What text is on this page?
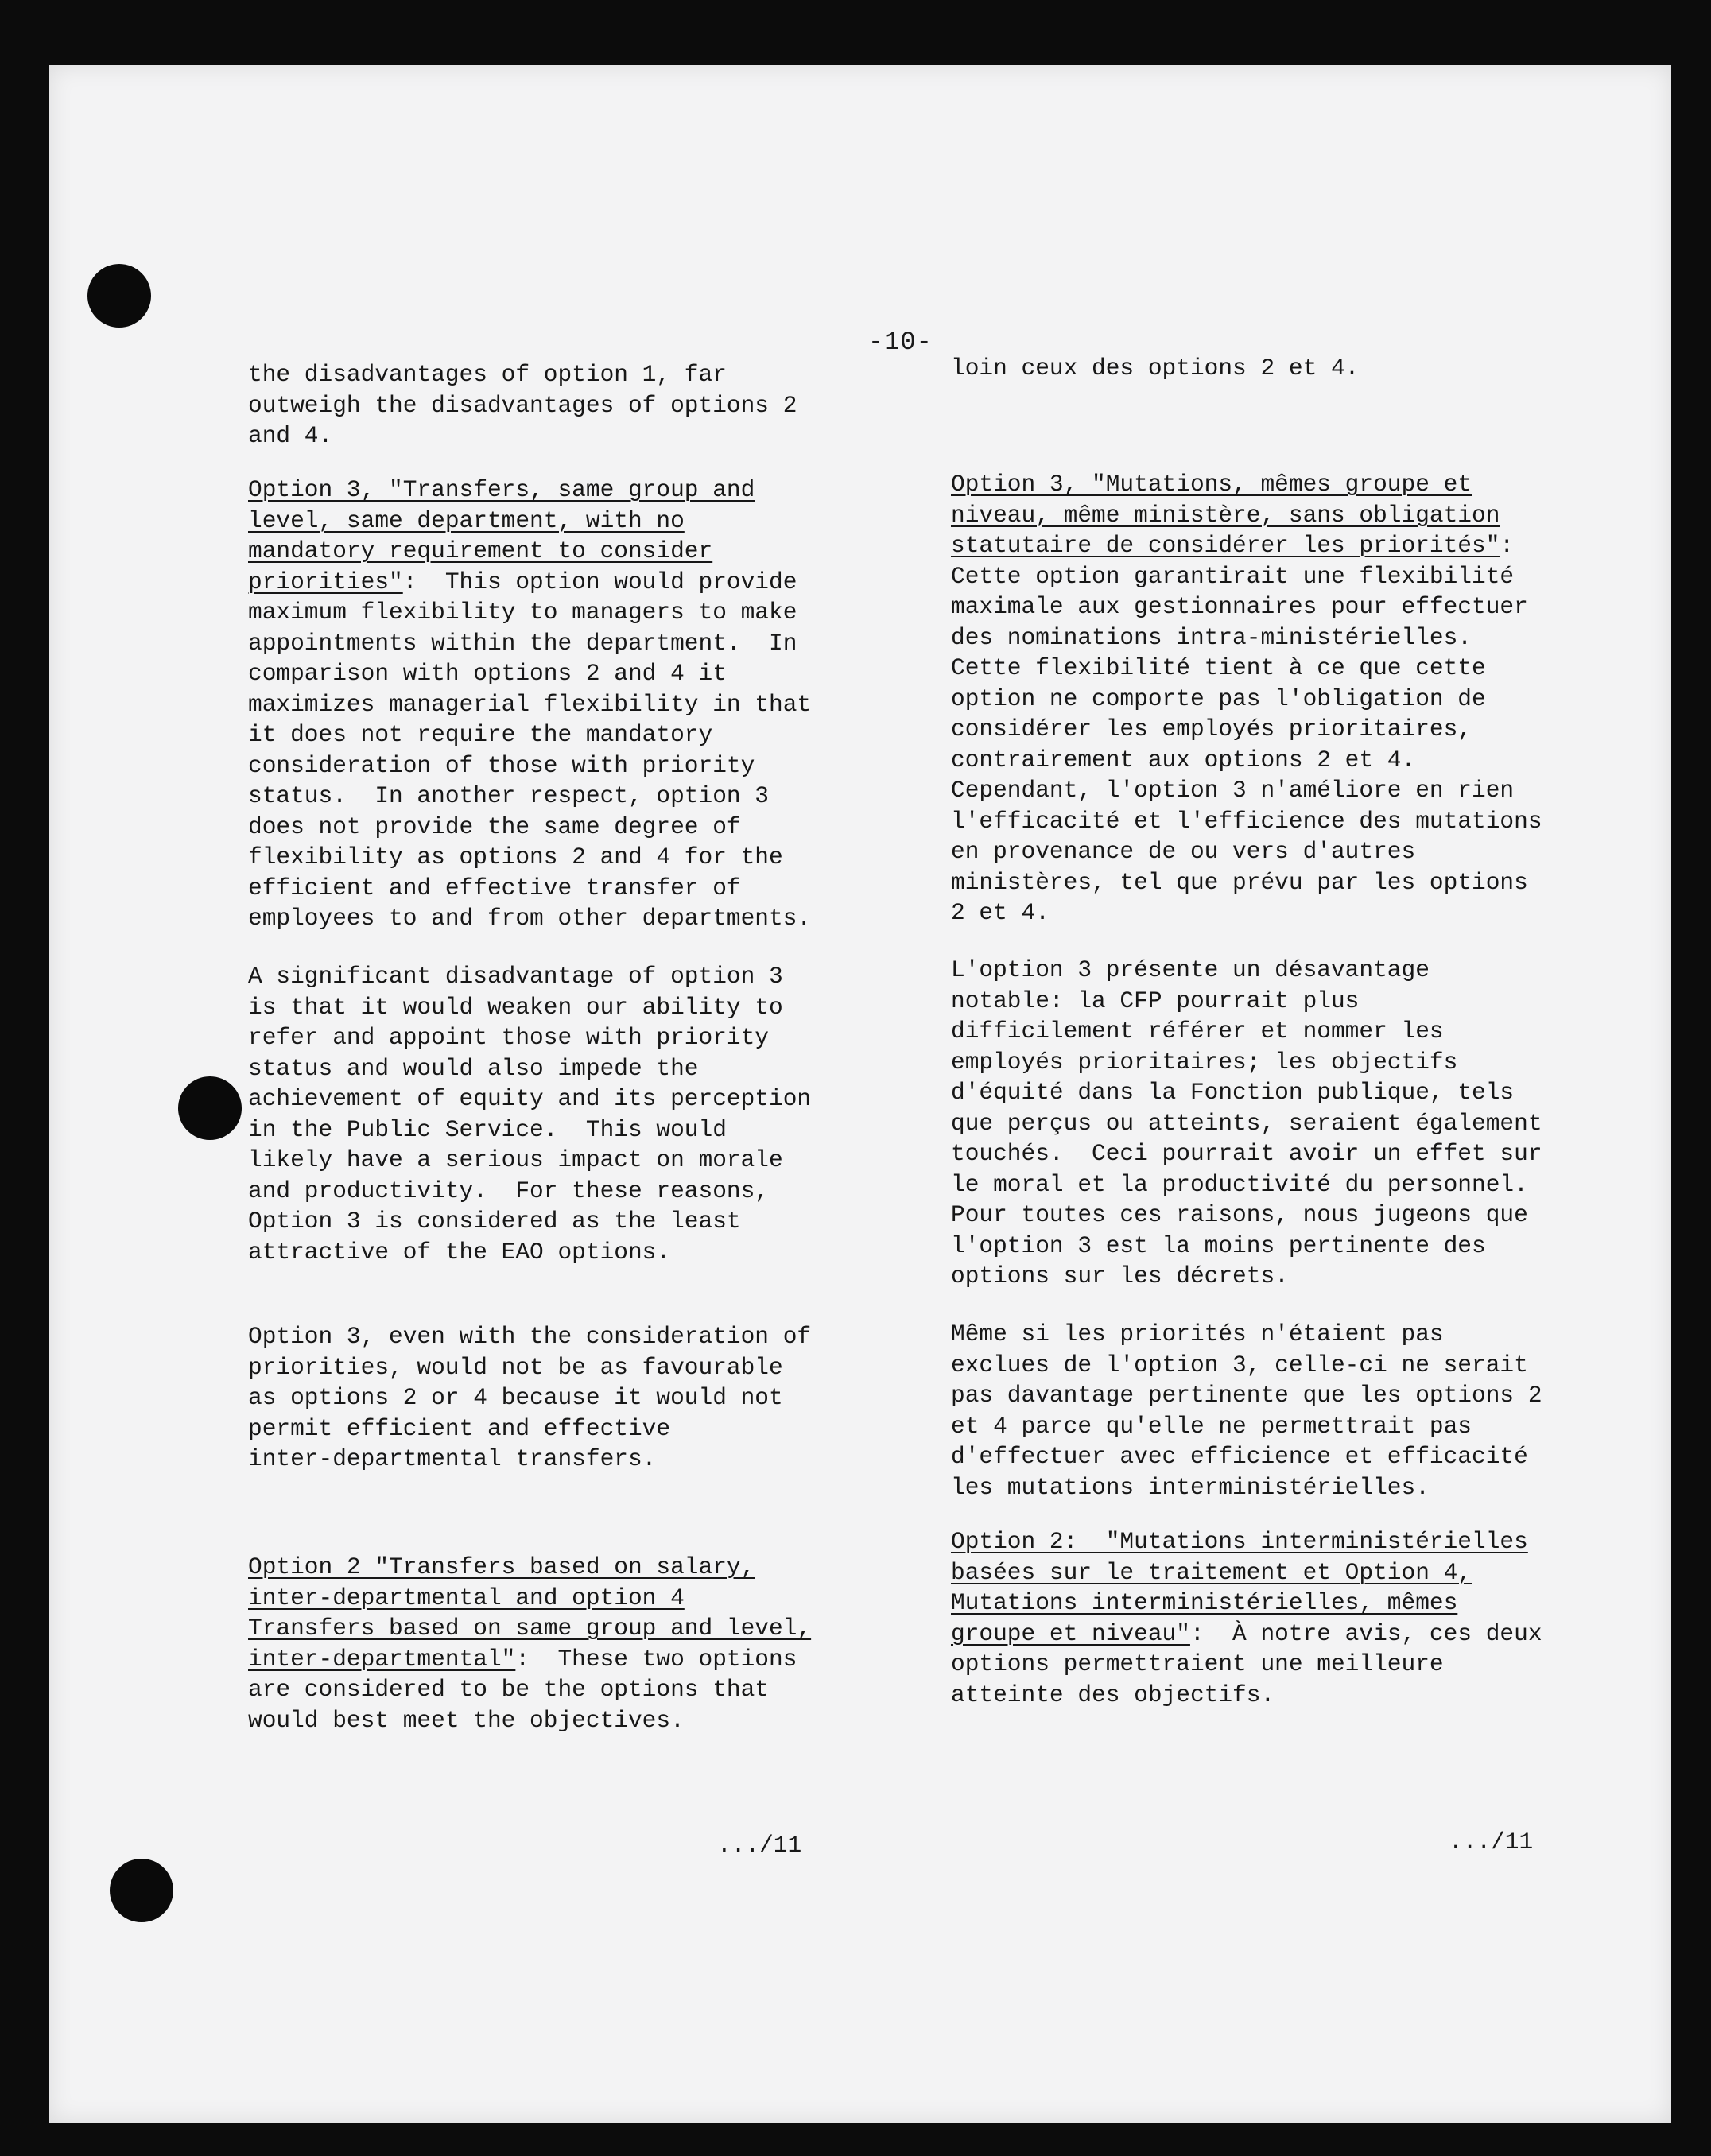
-10-
the disadvantages of option 1, far
outweigh the disadvantages of options 2
and 4.
Option 3, "Transfers, same group and
level, same department, with no
mandatory requirement to consider
priorities":  This option would provide
maximum flexibility to managers to make
appointments within the department.  In
comparison with options 2 and 4 it
maximizes managerial flexibility in that
it does not require the mandatory
consideration of those with priority
status.  In another respect, option 3
does not provide the same degree of
flexibility as options 2 and 4 for the
efficient and effective transfer of
employees to and from other departments.
A significant disadvantage of option 3
is that it would weaken our ability to
refer and appoint those with priority
status and would also impede the
achievement of equity and its perception
in the Public Service.  This would
likely have a serious impact on morale
and productivity.  For these reasons,
Option 3 is considered as the least
attractive of the EAO options.
Option 3, even with the consideration of
priorities, would not be as favourable
as options 2 or 4 because it would not
permit efficient and effective
inter-departmental transfers.
Option 2 "Transfers based on salary,
inter-departmental and option 4
Transfers based on same group and level,
inter-departmental":  These two options
are considered to be the options that
would best meet the objectives.
.../11
loin ceux des options 2 et 4.
Option 3, "Mutations, mêmes groupe et
niveau, même ministère, sans obligation
statutaire de considérer les priorités":
Cette option garantirait une flexibilité
maximale aux gestionnaires pour effectuer
des nominations intra-ministérielles.
Cette flexibilité tient à ce que cette
option ne comporte pas l'obligation de
considérer les employés prioritaires,
contrairement aux options 2 et 4.
Cependant, l'option 3 n'améliore en rien
l'efficacité et l'efficience des mutations
en provenance de ou vers d'autres
ministères, tel que prévu par les options
2 et 4.
L'option 3 présente un désavantage
notable: la CFP pourrait plus
difficilement référer et nommer les
employés prioritaires; les objectifs
d'équité dans la Fonction publique, tels
que perçus ou atteints, seraient également
touchés.  Ceci pourrait avoir un effet sur
le moral et la productivité du personnel.
Pour toutes ces raisons, nous jugeons que
l'option 3 est la moins pertinente des
options sur les décrets.
Même si les priorités n'étaient pas
exclues de l'option 3, celle-ci ne serait
pas davantage pertinente que les options 2
et 4 parce qu'elle ne permettrait pas
d'effectuer avec efficience et efficacité
les mutations interministérielles.
Option 2:  "Mutations interministérielles
basées sur le traitement et Option 4,
Mutations interministérielles, mêmes
groupe et niveau":  À notre avis, ces deux
options permettraient une meilleure
atteinte des objectifs.
.../11
